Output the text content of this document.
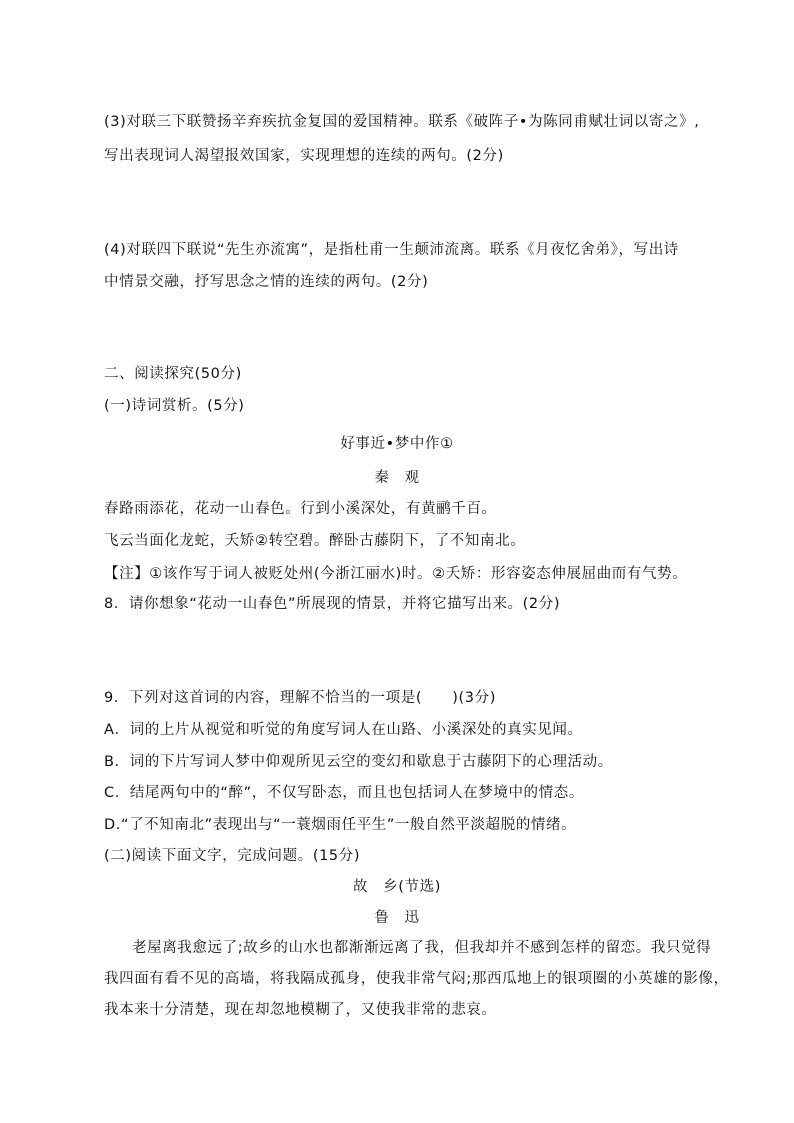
(3)对联三下联赞扬辛弃疾抗金复国的爱国精神。联系《破阵子•为陈同甫赋壮词以寄之》,
写出表现词人渴望报效国家，实现理想的连续的两句。(2分)
(4)对联四下联说“先生亦流寓”，是指杜甫一生颠沛流离。联系《月夜忆舍弟》，写出诗
中情景交融，抒写思念之情的连续的两句。(2分)
二、阅读探究(50分)
(一)诗词赏析。(5分)
好事近•梦中作①
秦　观
春路雨添花，花动一山春色。行到小溪深处，有黄鹂千百。
飞云当面化龙蛇，夭矫②转空碧。醉卧古藤阴下，了不知南北。
【注】①该作写于词人被贬处州(今浙江丽水)时。②夭矫：形容姿态伸展屈曲而有气势。
8．请你想象“花动一山春色”所展现的情景，并将它描写出来。(2分)
9．下列对这首词的内容，理解不恰当的一项是(　　)(3分)
A．词的上片从视觉和听觉的角度写词人在山路、小溪深处的真实见闻。
B．词的下片写词人梦中仰观所见云空的变幻和歇息于古藤阴下的心理活动。
C．结尾两句中的“醉”，不仅写卧态，而且也包括词人在梦境中的情态。
D.“了不知南北”表现出与“一蓑烟雨任平生”一般自然平淡超脱的情绪。
(二)阅读下面文字，完成问题。(15分)
故　乡(节选)
鲁　迅
老屋离我愈远了;故乡的山水也都渐渐远离了我，但我却并不感到怎样的留恋。我只觉得
我四面有看不见的高墙，将我隔成孤身，使我非常气闷;那西瓜地上的银项圈的小英雄的影像，
我本来十分清楚，现在却忽地模糊了，又使我非常的悲哀。
